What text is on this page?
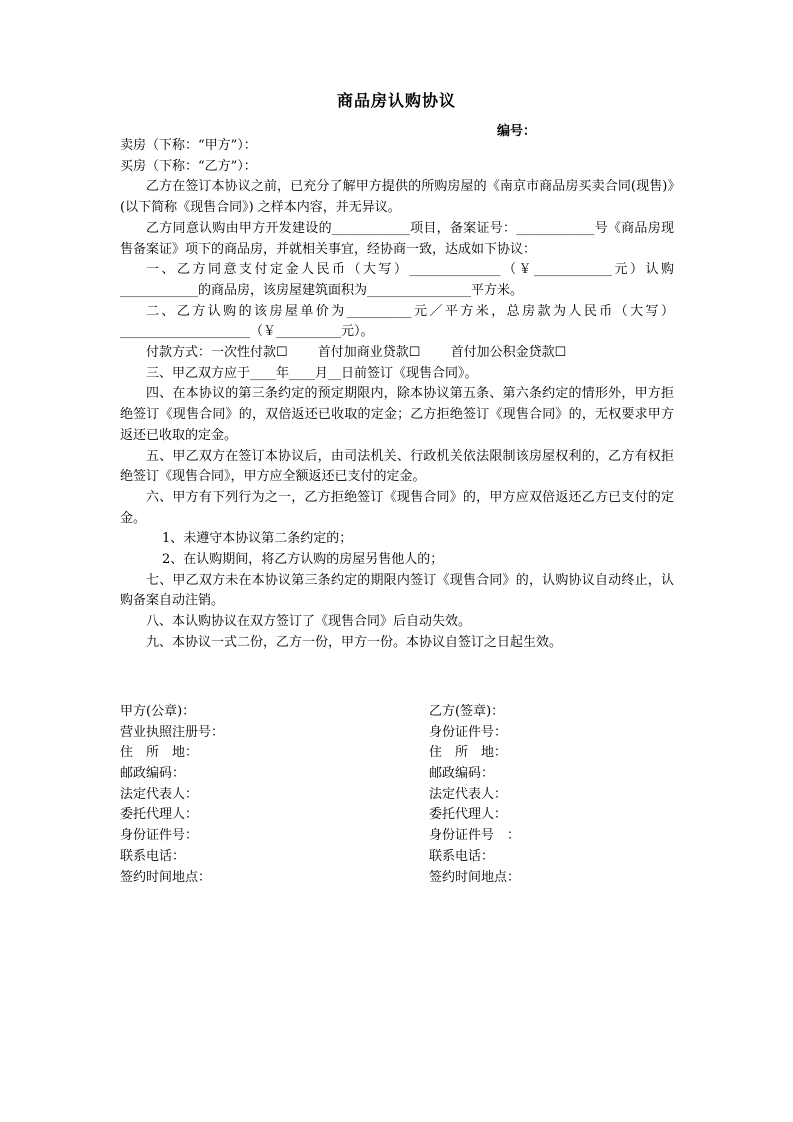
商品房认购协议
编号：

卖房（下称：“甲方”）：

买房（下称：“乙方”）：

乙方在签订本协议之前，已充分了解甲方提供的所购房屋的《南京市商品房买卖合同(现售)》(以下简称《现售合同》) 之样本内容，并无异议。

乙方同意认购由甲方开发建设的____________项目，备案证号：____________号《商品房现售备案证》项下的商品房，并就相关事宜，经协商一致，达成如下协议：

一、乙方同意支付定金人民币（大写）______________（￥____________元）认购____________的商品房，该房屋建筑面积为________________平方米。

二、乙方认购的该房屋单价为__________元／平方米，总房款为人民币（大写）____________________（￥__________元）。

付款方式：一次性付款☐　　 首付加商业贷款☐　　 首付加公积金贷款☐

三、甲乙双方应于____年____月__日前签订《现售合同》。

四、在本协议的第三条约定的预定期限内，除本协议第五条、第六条约定的情形外，甲方拒绝签订《现售合同》的，双倍返还已收取的定金；乙方拒绝签订《现售合同》的，无权要求甲方返还已收取的定金。

五、甲乙双方在签订本协议后，由司法机关、行政机关依法限制该房屋权利的，乙方有权拒绝签订《现售合同》，甲方应全额返还已支付的定金。

六、甲方有下列行为之一，乙方拒绝签订《现售合同》的，甲方应双倍返还乙方已支付的定金。

1、未遵守本协议第二条约定的；

2、在认购期间，将乙方认购的房屋另售他人的；

七、甲乙双方未在本协议第三条约定的期限内签订《现售合同》的，认购协议自动终止，认购备案自动注销。

八、本认购协议在双方签订了《现售合同》后自动失效。

九、本协议一式二份，乙方一份，甲方一份。本协议自签订之日起生效。

甲方(公章)：	乙方(签章)：
营业执照注册号：	身份证件号：
住　所　地：	住　所　地：
邮政编码：	邮政编码：
法定代表人：	法定代表人：
委托代理人：	委托代理人：
身份证件号：	身份证件号　：
联系电话：	联系电话：
签约时间地点：	签约时间地点：
